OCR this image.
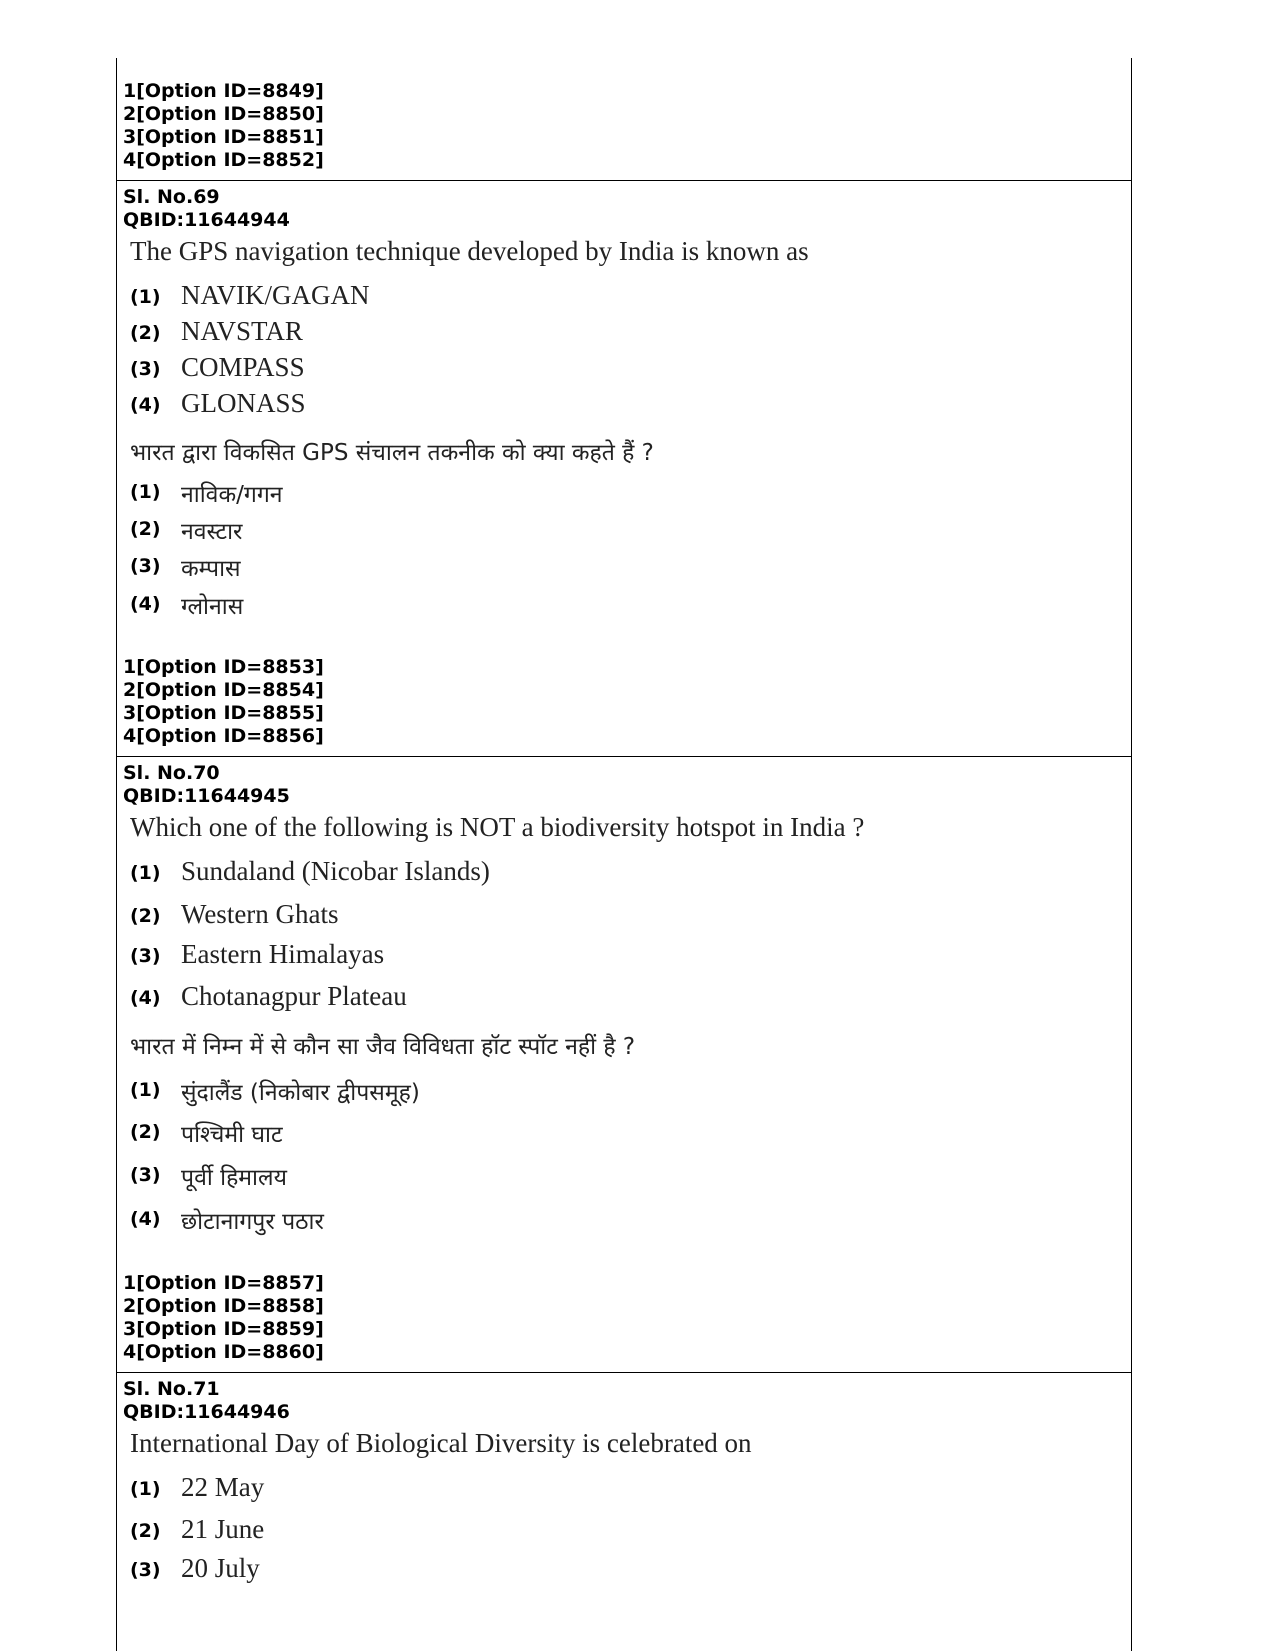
1[Option ID=8849]
2[Option ID=8850]
3[Option ID=8851]
4[Option ID=8852]
Sl. No.69
QBID:11644944
The GPS navigation technique developed by India is known as
(1) NAVIK/GAGAN
(2) NAVSTAR
(3) COMPASS
(4) GLONASS
भारत द्वारा विकसित GPS संचालन तकनीक को क्या कहते हैं ?
(1) नाविक/गगन
(2) नवस्टार
(3) कम्पास
(4) ग्लोनास
1[Option ID=8853]
2[Option ID=8854]
3[Option ID=8855]
4[Option ID=8856]
Sl. No.70
QBID:11644945
Which one of the following is NOT a biodiversity hotspot in India ?
(1) Sundaland (Nicobar Islands)
(2) Western Ghats
(3) Eastern Himalayas
(4) Chotanagpur Plateau
भारत में निम्न में से कौन सा जैव विविधता हॉट स्पॉट नहीं है ?
(1) सुंदालैंड (निकोबार द्वीपसमूह)
(2) पश्चिमी घाट
(3) पूर्वी हिमालय
(4) छोटानागपुर पठार
1[Option ID=8857]
2[Option ID=8858]
3[Option ID=8859]
4[Option ID=8860]
Sl. No.71
QBID:11644946
International Day of Biological Diversity is celebrated on
(1) 22 May
(2) 21 June
(3) 20 July
